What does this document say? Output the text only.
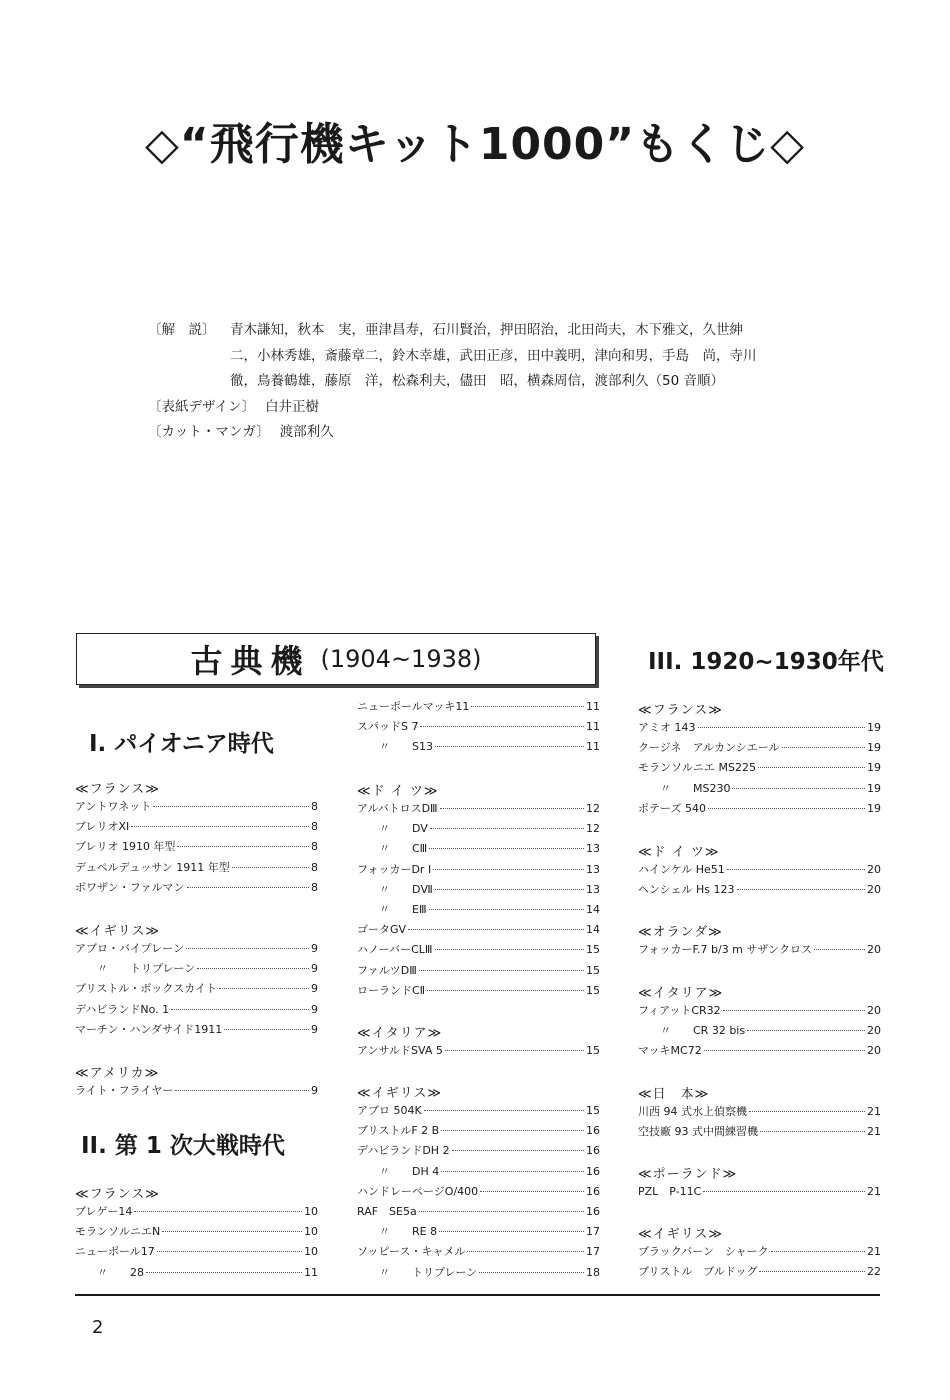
◇“飛行機キット1000”もくじ◇
〔解　説〕	青木謙知，秋本　実，亜津昌寿，石川賢治，押田昭治，北田尚夫，木下雅文，久世紳二，小林秀雄，斎藤章二，鈴木幸雄，武田正彦，田中義明，津向和男，手島　尚，寺川　徹，鳥養鶴雄，藤原　洋，松森利夫，儘田　昭，横森周信，渡部利久（50 音順）
〔表紙デザイン〕 白井正樹
〔カット・マンガ〕 渡部利久
古典機 (1904~1938)
I. パイオニア時代
≪フランス≫
≪イギリス≫
≪アメリカ≫
II. 第 1 次大戦時代
≪フランス≫
アントワネット	8
ブレリオXI	8
ブレリオ 1910 年型	8
デュペルデュッサン 1911 年型	8
ボワザン・ファルマン	8
アブロ・バイプレーン	9
〃 トリプレーン	9
ブリストル・ボックスカイト	9
デハビランドNo. 1	9
マーチン・ハンダサイド1911	9
ライト・フライヤー	9
ブレゲー14	10
モランソルニエN	10
ニューポール17	10
〃 28	11
≪ド イ ツ≫
≪イタリア≫
≪イギリス≫
ニューポールマッキ11	11
スパッドS 7	11
〃 S13	11
アルバトロスDⅢ	12
〃 DV	12
〃 CⅢ	13
フォッカーDr I	13
〃 DⅦ	13
〃 EⅢ	14
ゴータGV	14
ハノーバーCLⅢ	15
ファルツDⅢ	15
ローランドCⅡ	15
アンサルドSVA 5	15
アブロ 504K	15
ブリストルF 2 B	16
デハビランドDH 2	16
〃 DH 4	16
ハンドレーページO/400	16
RAF　SE5a	16
〃 RE 8	17
ソッピース・キャメル	17
〃 トリプレーン	18
III. 1920~1930年代
≪フランス≫
≪ド イ ツ≫
≪オランダ≫
≪イタリア≫
≪日　本≫
≪ポーランド≫
≪イギリス≫
アミオ 143	19
クージネ　アルカンシエール	19
モランソルニエ MS225	19
〃 MS230	19
ポテーズ 540	19
ハインケル He51	20
ヘンシェル Hs 123	20
フォッカーF.7 b/3 m サザンクロス	20
フィアットCR32	20
〃 CR 32 bis	20
マッキMC72	20
川西 94 式水上偵察機	21
空技廠 93 式中間練習機	21
PZL　P-11C	21
ブラックバーン　シャーク	21
ブリストル　ブルドッグ	22
2
